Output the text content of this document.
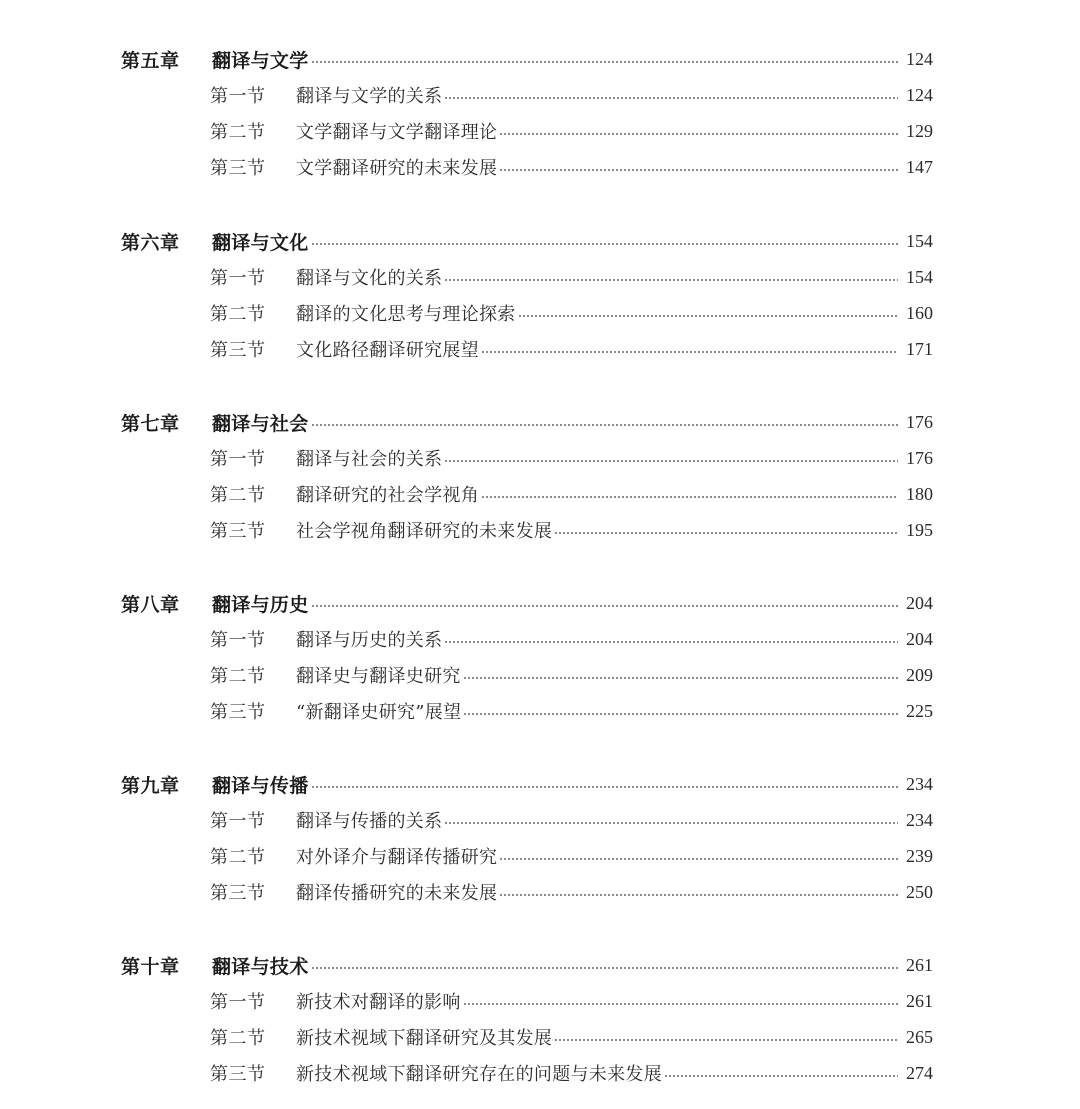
第五章	翻译与文学	124
第一节	翻译与文学的关系	124
第二节	文学翻译与文学翻译理论	129
第三节	文学翻译研究的未来发展	147
第六章	翻译与文化	154
第一节	翻译与文化的关系	154
第二节	翻译的文化思考与理论探索	160
第三节	文化路径翻译研究展望	171
第七章	翻译与社会	176
第一节	翻译与社会的关系	176
第二节	翻译研究的社会学视角	180
第三节	社会学视角翻译研究的未来发展	195
第八章	翻译与历史	204
第一节	翻译与历史的关系	204
第二节	翻译史与翻译史研究	209
第三节	“新翻译史研究”展望	225
第九章	翻译与传播	234
第一节	翻译与传播的关系	234
第二节	对外译介与翻译传播研究	239
第三节	翻译传播研究的未来发展	250
第十章	翻译与技术	261
第一节	新技术对翻译的影响	261
第二节	新技术视域下翻译研究及其发展	265
第三节	新技术视域下翻译研究存在的问题与未来发展	274
